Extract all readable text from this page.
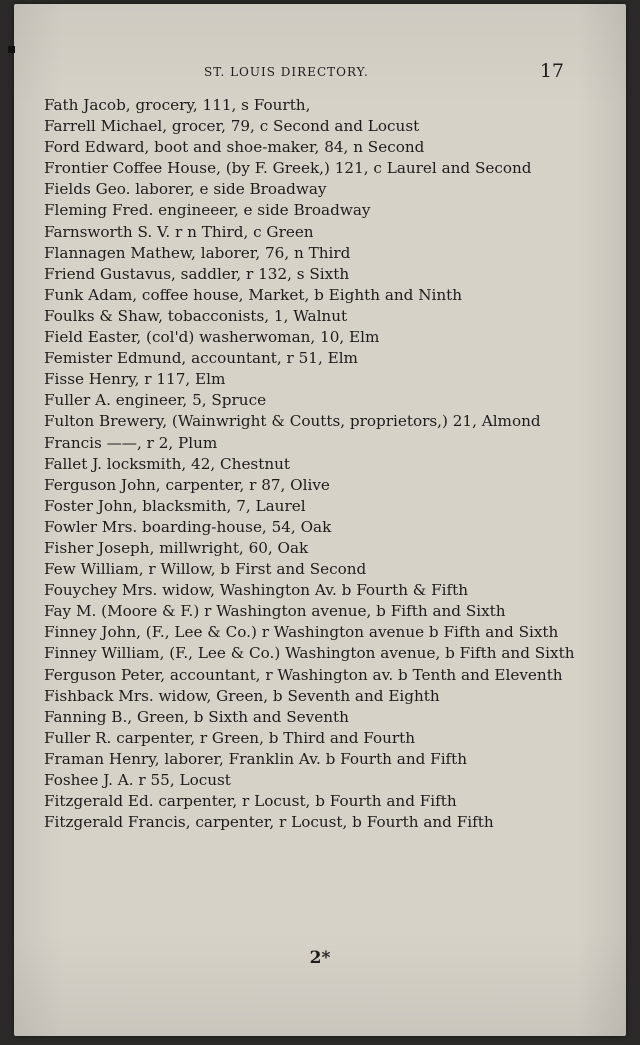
ST. LOUIS DIRECTORY.	17
Fath Jacob, grocery, 111, s Fourth,
Farrell Michael, grocer, 79, c Second and Locust
Ford Edward, boot and shoe-maker, 84, n Second
Frontier Coffee House, (by F. Greek,) 121, c Laurel and Second
Fields Geo. laborer, e side Broadway
Fleming Fred. engineeer, e side Broadway
Farnsworth S. V. r n Third, c Green
Flannagen Mathew, laborer, 76, n Third
Friend Gustavus, saddler, r 132, s Sixth
Funk Adam, coffee house, Market, b Eighth and Ninth
Foulks & Shaw, tobacconists, 1, Walnut
Field Easter, (col'd) washerwoman, 10, Elm
Femister Edmund, accountant, r 51, Elm
Fisse Henry, r 117, Elm
Fuller A. engineer, 5, Spruce
Fulton Brewery, (Wainwright & Coutts, proprietors,) 21, Almond
Francis ——, r 2, Plum
Fallet J. locksmith, 42, Chestnut
Ferguson John, carpenter, r 87, Olive
Foster John, blacksmith, 7, Laurel
Fowler Mrs. boarding-house, 54, Oak
Fisher Joseph, millwright, 60, Oak
Few William, r Willow, b First and Second
Fouychey Mrs. widow, Washington Av. b Fourth & Fifth
Fay M. (Moore & F.) r Washington avenue, b Fifth and Sixth
Finney John, (F., Lee & Co.) r Washington avenue b Fifth and Sixth
Finney William, (F., Lee & Co.) Washington avenue, b Fifth and Sixth
Ferguson Peter, accountant, r Washington av. b Tenth and Eleventh
Fishback Mrs. widow, Green, b Seventh and Eighth
Fanning B., Green, b Sixth and Seventh
Fuller R. carpenter, r Green, b Third and Fourth
Framan Henry, laborer, Franklin Av. b Fourth and Fifth
Foshee J. A. r 55, Locust
Fitzgerald Ed. carpenter, r Locust, b Fourth and Fifth
Fitzgerald Francis, carpenter, r Locust, b Fourth and Fifth
2*
